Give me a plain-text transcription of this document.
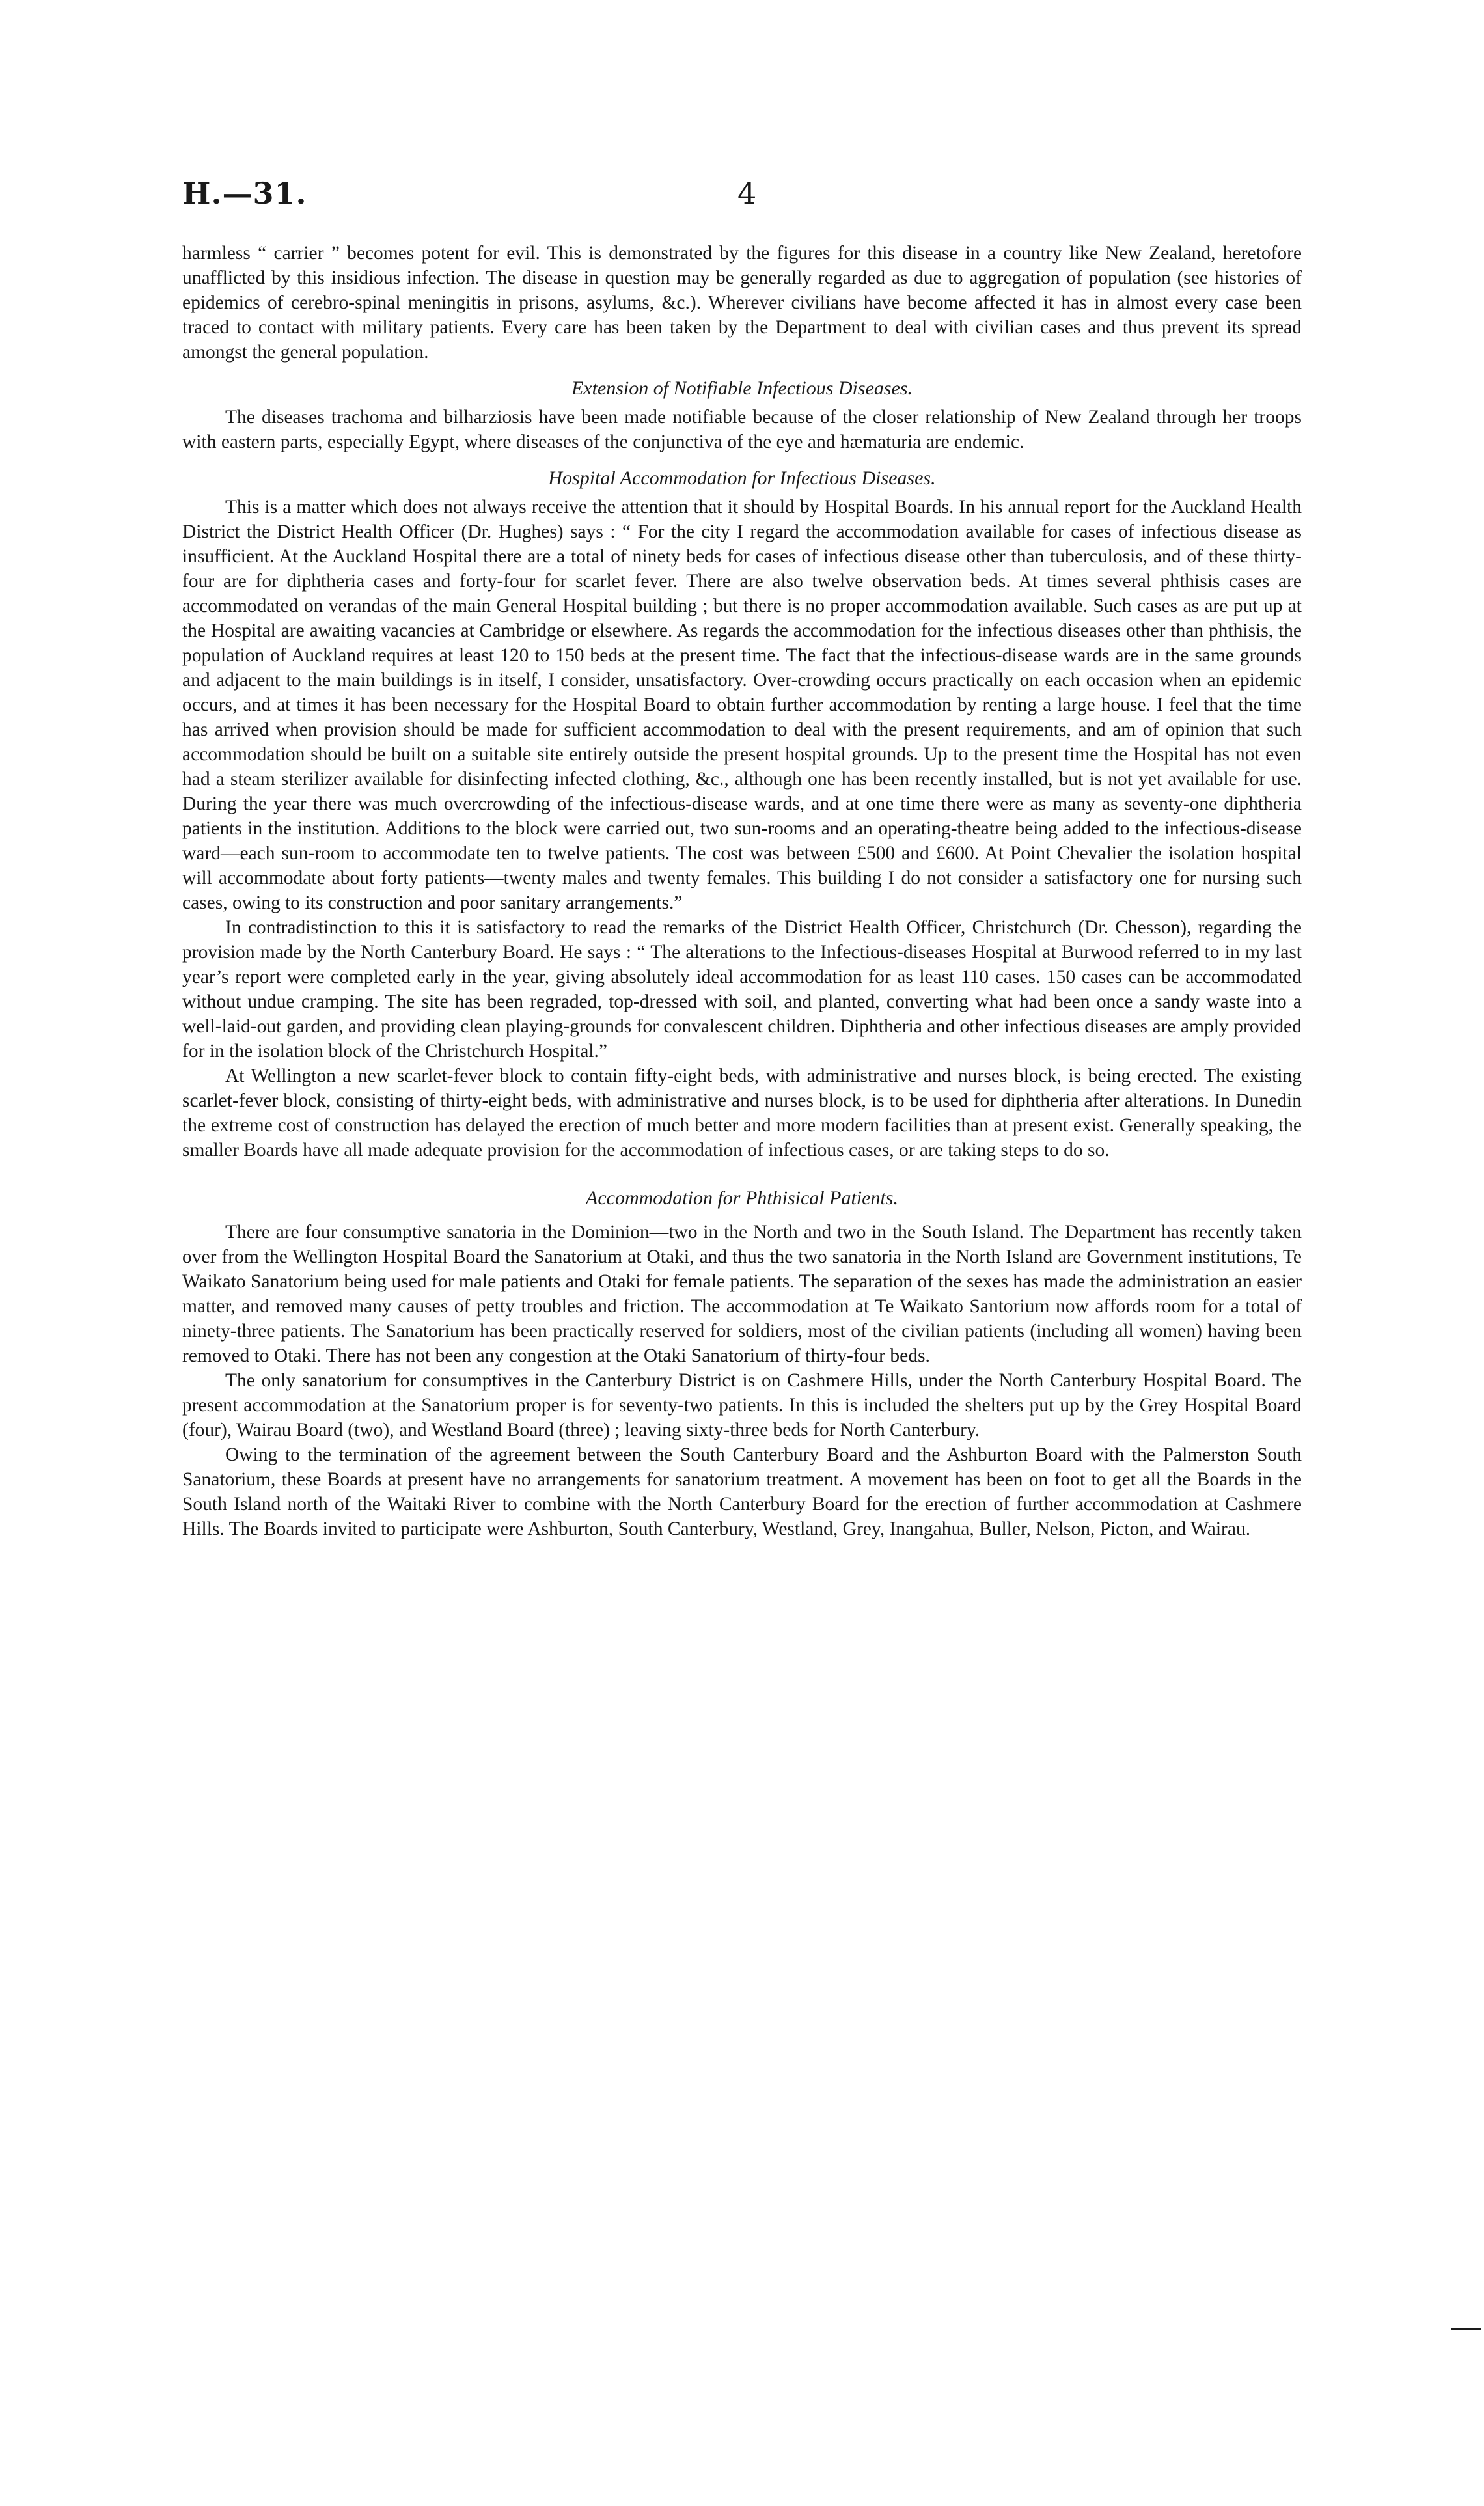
H.—31.	4

harmless “ carrier ” becomes potent for evil. This is demonstrated by the figures for this disease in a country like New Zealand, heretofore unafflicted by this insidious infection. The disease in question may be generally regarded as due to aggregation of population (see histories of epidemics of cerebro-spinal meningitis in prisons, asylums, &c.). Wherever civilians have become affected it has in almost every case been traced to contact with military patients. Every care has been taken by the Department to deal with civilian cases and thus prevent its spread amongst the general population.

Extension of Notifiable Infectious Diseases.

The diseases trachoma and bilharziosis have been made notifiable because of the closer relationship of New Zealand through her troops with eastern parts, especially Egypt, where diseases of the conjunctiva of the eye and hæmaturia are endemic.

Hospital Accommodation for Infectious Diseases.

This is a matter which does not always receive the attention that it should by Hospital Boards. In his annual report for the Auckland Health District the District Health Officer (Dr. Hughes) says : “ For the city I regard the accommodation available for cases of infectious disease as insufficient. At the Auckland Hospital there are a total of ninety beds for cases of infectious disease other than tuberculosis, and of these thirty-four are for diphtheria cases and forty-four for scarlet fever. There are also twelve observation beds. At times several phthisis cases are accommodated on verandas of the main General Hospital building ; but there is no proper accommodation available. Such cases as are put up at the Hospital are awaiting vacancies at Cambridge or elsewhere. As regards the accommodation for the infectious diseases other than phthisis, the population of Auckland requires at least 120 to 150 beds at the present time. The fact that the infectious-disease wards are in the same grounds and adjacent to the main buildings is in itself, I consider, unsatisfactory. Over-crowding occurs practically on each occasion when an epidemic occurs, and at times it has been necessary for the Hospital Board to obtain further accommodation by renting a large house. I feel that the time has arrived when provision should be made for sufficient accommodation to deal with the present requirements, and am of opinion that such accommodation should be built on a suitable site entirely outside the present hospital grounds. Up to the present time the Hospital has not even had a steam sterilizer available for disinfecting infected clothing, &c., although one has been recently installed, but is not yet available for use. During the year there was much overcrowding of the infectious-disease wards, and at one time there were as many as seventy-one diphtheria patients in the institution. Additions to the block were carried out, two sun-rooms and an operating-theatre being added to the infectious-disease ward—each sun-room to accommodate ten to twelve patients. The cost was between £500 and £600. At Point Chevalier the isolation hospital will accommodate about forty patients—twenty males and twenty females. This building I do not consider a satisfactory one for nursing such cases, owing to its construction and poor sanitary arrangements.”

In contradistinction to this it is satisfactory to read the remarks of the District Health Officer, Christchurch (Dr. Chesson), regarding the provision made by the North Canterbury Board. He says : “ The alterations to the Infectious-diseases Hospital at Burwood referred to in my last year’s report were completed early in the year, giving absolutely ideal accommodation for as least 110 cases. 150 cases can be accommodated without undue cramping. The site has been regraded, top-dressed with soil, and planted, converting what had been once a sandy waste into a well-laid-out garden, and providing clean playing-grounds for convalescent children. Diphtheria and other infectious diseases are amply provided for in the isolation block of the Christchurch Hospital.”

At Wellington a new scarlet-fever block to contain fifty-eight beds, with administrative and nurses block, is being erected. The existing scarlet-fever block, consisting of thirty-eight beds, with administrative and nurses block, is to be used for diphtheria after alterations. In Dunedin the extreme cost of construction has delayed the erection of much better and more modern facilities than at present exist. Generally speaking, the smaller Boards have all made adequate provision for the accommodation of infectious cases, or are taking steps to do so.

Accommodation for Phthisical Patients.

There are four consumptive sanatoria in the Dominion—two in the North and two in the South Island. The Department has recently taken over from the Wellington Hospital Board the Sanatorium at Otaki, and thus the two sanatoria in the North Island are Government institutions, Te Waikato Sanatorium being used for male patients and Otaki for female patients. The separation of the sexes has made the administration an easier matter, and removed many causes of petty troubles and friction. The accommodation at Te Waikato Santorium now affords room for a total of ninety-three patients. The Sanatorium has been practically reserved for soldiers, most of the civilian patients (including all women) having been removed to Otaki. There has not been any congestion at the Otaki Sanatorium of thirty-four beds.

The only sanatorium for consumptives in the Canterbury District is on Cashmere Hills, under the North Canterbury Hospital Board. The present accommodation at the Sanatorium proper is for seventy-two patients. In this is included the shelters put up by the Grey Hospital Board (four), Wairau Board (two), and Westland Board (three) ; leaving sixty-three beds for North Canterbury.

Owing to the termination of the agreement between the South Canterbury Board and the Ashburton Board with the Palmerston South Sanatorium, these Boards at present have no arrangements for sanatorium treatment. A movement has been on foot to get all the Boards in the South Island north of the Waitaki River to combine with the North Canterbury Board for the erection of further accommodation at Cashmere Hills. The Boards invited to participate were Ashburton, South Canterbury, Westland, Grey, Inangahua, Buller, Nelson, Picton, and Wairau.
